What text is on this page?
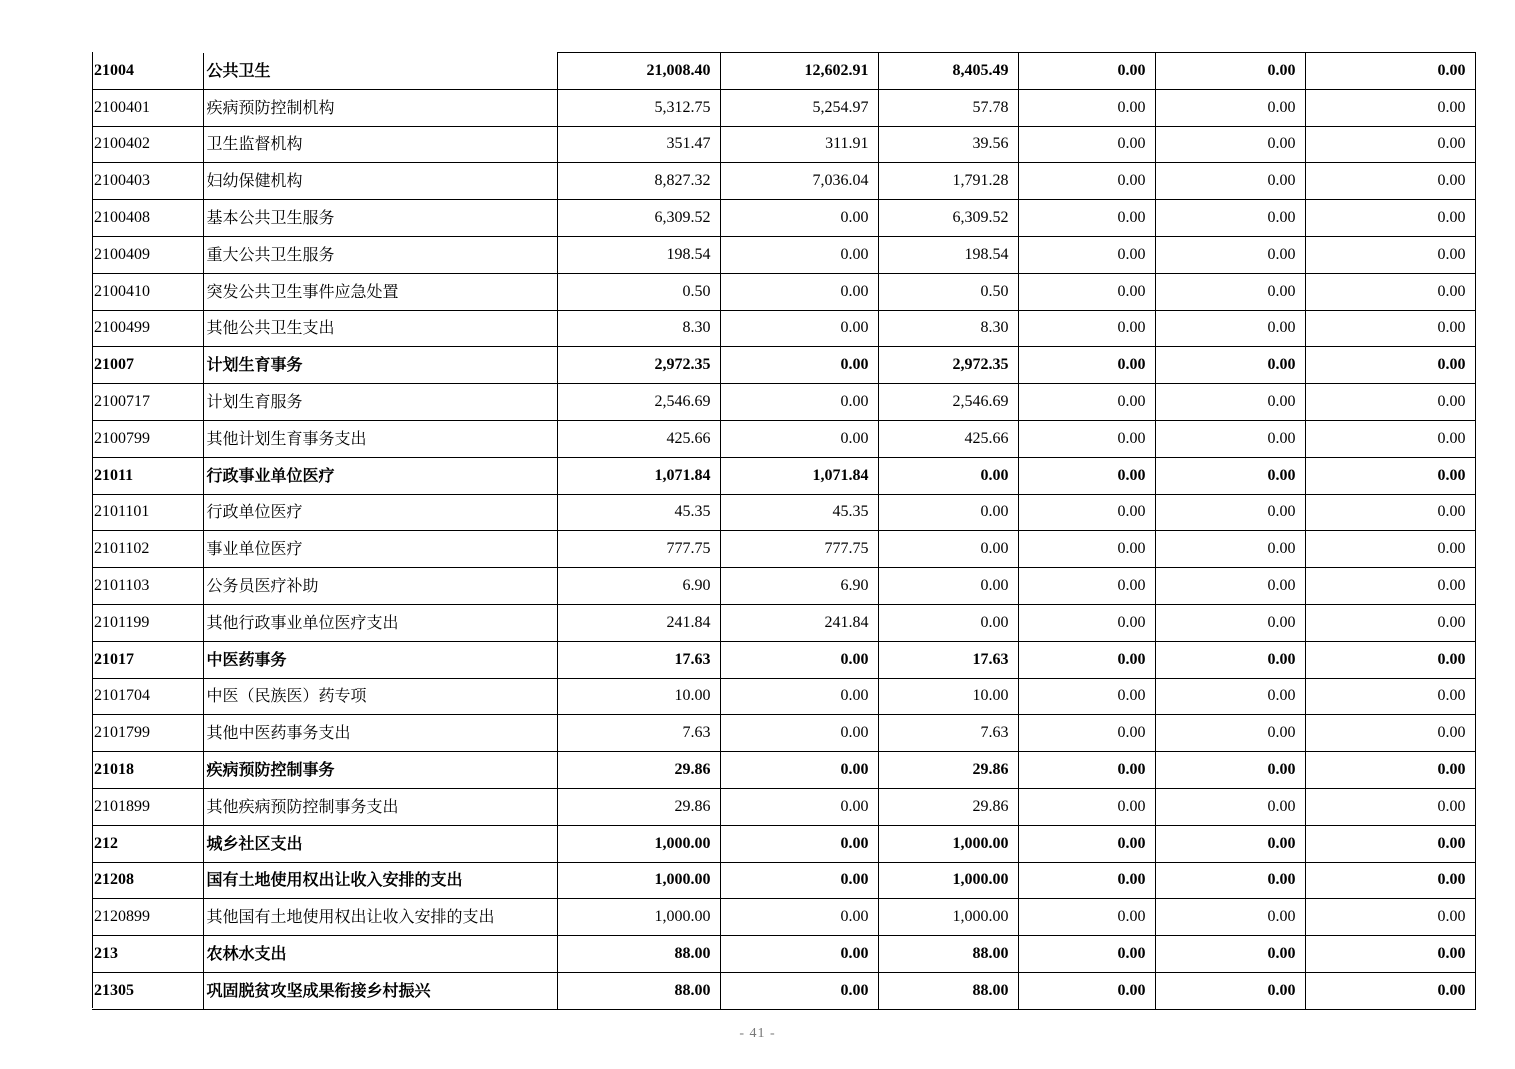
21004	公共卫生	21,008.40	12,602.91	8,405.49	0.00	0.00	0.00
2100401	疾病预防控制机构	5,312.75	5,254.97	57.78	0.00	0.00	0.00
2100402	卫生监督机构	351.47	311.91	39.56	0.00	0.00	0.00
2100403	妇幼保健机构	8,827.32	7,036.04	1,791.28	0.00	0.00	0.00
2100408	基本公共卫生服务	6,309.52	0.00	6,309.52	0.00	0.00	0.00
2100409	重大公共卫生服务	198.54	0.00	198.54	0.00	0.00	0.00
2100410	突发公共卫生事件应急处置	0.50	0.00	0.50	0.00	0.00	0.00
2100499	其他公共卫生支出	8.30	0.00	8.30	0.00	0.00	0.00
21007	计划生育事务	2,972.35	0.00	2,972.35	0.00	0.00	0.00
2100717	计划生育服务	2,546.69	0.00	2,546.69	0.00	0.00	0.00
2100799	其他计划生育事务支出	425.66	0.00	425.66	0.00	0.00	0.00
21011	行政事业单位医疗	1,071.84	1,071.84	0.00	0.00	0.00	0.00
2101101	行政单位医疗	45.35	45.35	0.00	0.00	0.00	0.00
2101102	事业单位医疗	777.75	777.75	0.00	0.00	0.00	0.00
2101103	公务员医疗补助	6.90	6.90	0.00	0.00	0.00	0.00
2101199	其他行政事业单位医疗支出	241.84	241.84	0.00	0.00	0.00	0.00
21017	中医药事务	17.63	0.00	17.63	0.00	0.00	0.00
2101704	中医（民族医）药专项	10.00	0.00	10.00	0.00	0.00	0.00
2101799	其他中医药事务支出	7.63	0.00	7.63	0.00	0.00	0.00
21018	疾病预防控制事务	29.86	0.00	29.86	0.00	0.00	0.00
2101899	其他疾病预防控制事务支出	29.86	0.00	29.86	0.00	0.00	0.00
212	城乡社区支出	1,000.00	0.00	1,000.00	0.00	0.00	0.00
21208	国有土地使用权出让收入安排的支出	1,000.00	0.00	1,000.00	0.00	0.00	0.00
2120899	其他国有土地使用权出让收入安排的支出	1,000.00	0.00	1,000.00	0.00	0.00	0.00
213	农林水支出	88.00	0.00	88.00	0.00	0.00	0.00
21305	巩固脱贫攻坚成果衔接乡村振兴	88.00	0.00	88.00	0.00	0.00	0.00
- 41 -
